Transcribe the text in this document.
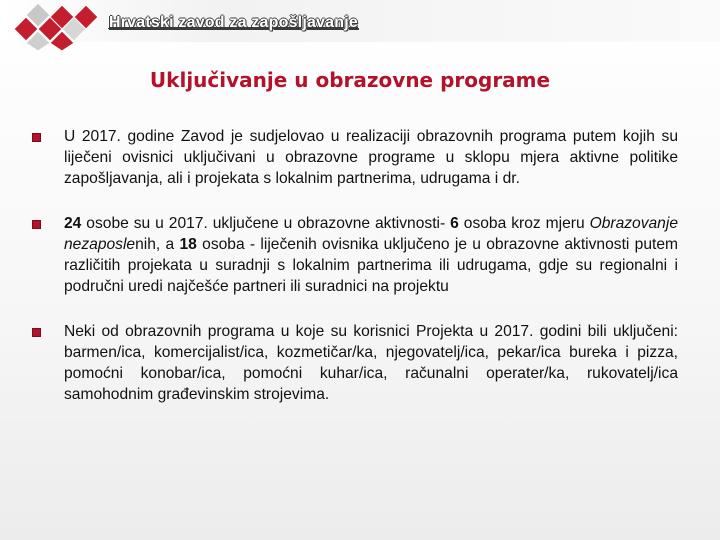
Hrvatski zavod za zapošljavanje
Uključivanje u obrazovne programe
U 2017. godine Zavod je sudjelovao u realizaciji obrazovnih programa putem kojih su liječeni ovisnici uključivani u obrazovne programe u sklopu mjera aktivne politike zapošljavanja, ali i projekata s lokalnim partnerima, udrugama i dr.
24 osobe su u 2017. uključene u obrazovne aktivnosti- 6 osoba kroz mjeru Obrazovanje nezaposlenih, a 18 osoba - liječenih ovisnika uključeno je u obrazovne aktivnosti putem različitih projekata u suradnji s lokalnim partnerima ili udrugama, gdje su regionalni i područni uredi najčešće partneri ili suradnici na projektu
Neki od obrazovnih programa u koje su korisnici Projekta u 2017. godini bili uključeni: barmen/ica, komercijalist/ica, kozmetičar/ka, njegovatelj/ica, pekar/ica bureka i pizza, pomoćni konobar/ica, pomoćni kuhar/ica, računalni operater/ka, rukovatelj/ica samohodnim građevinskim strojevima.
